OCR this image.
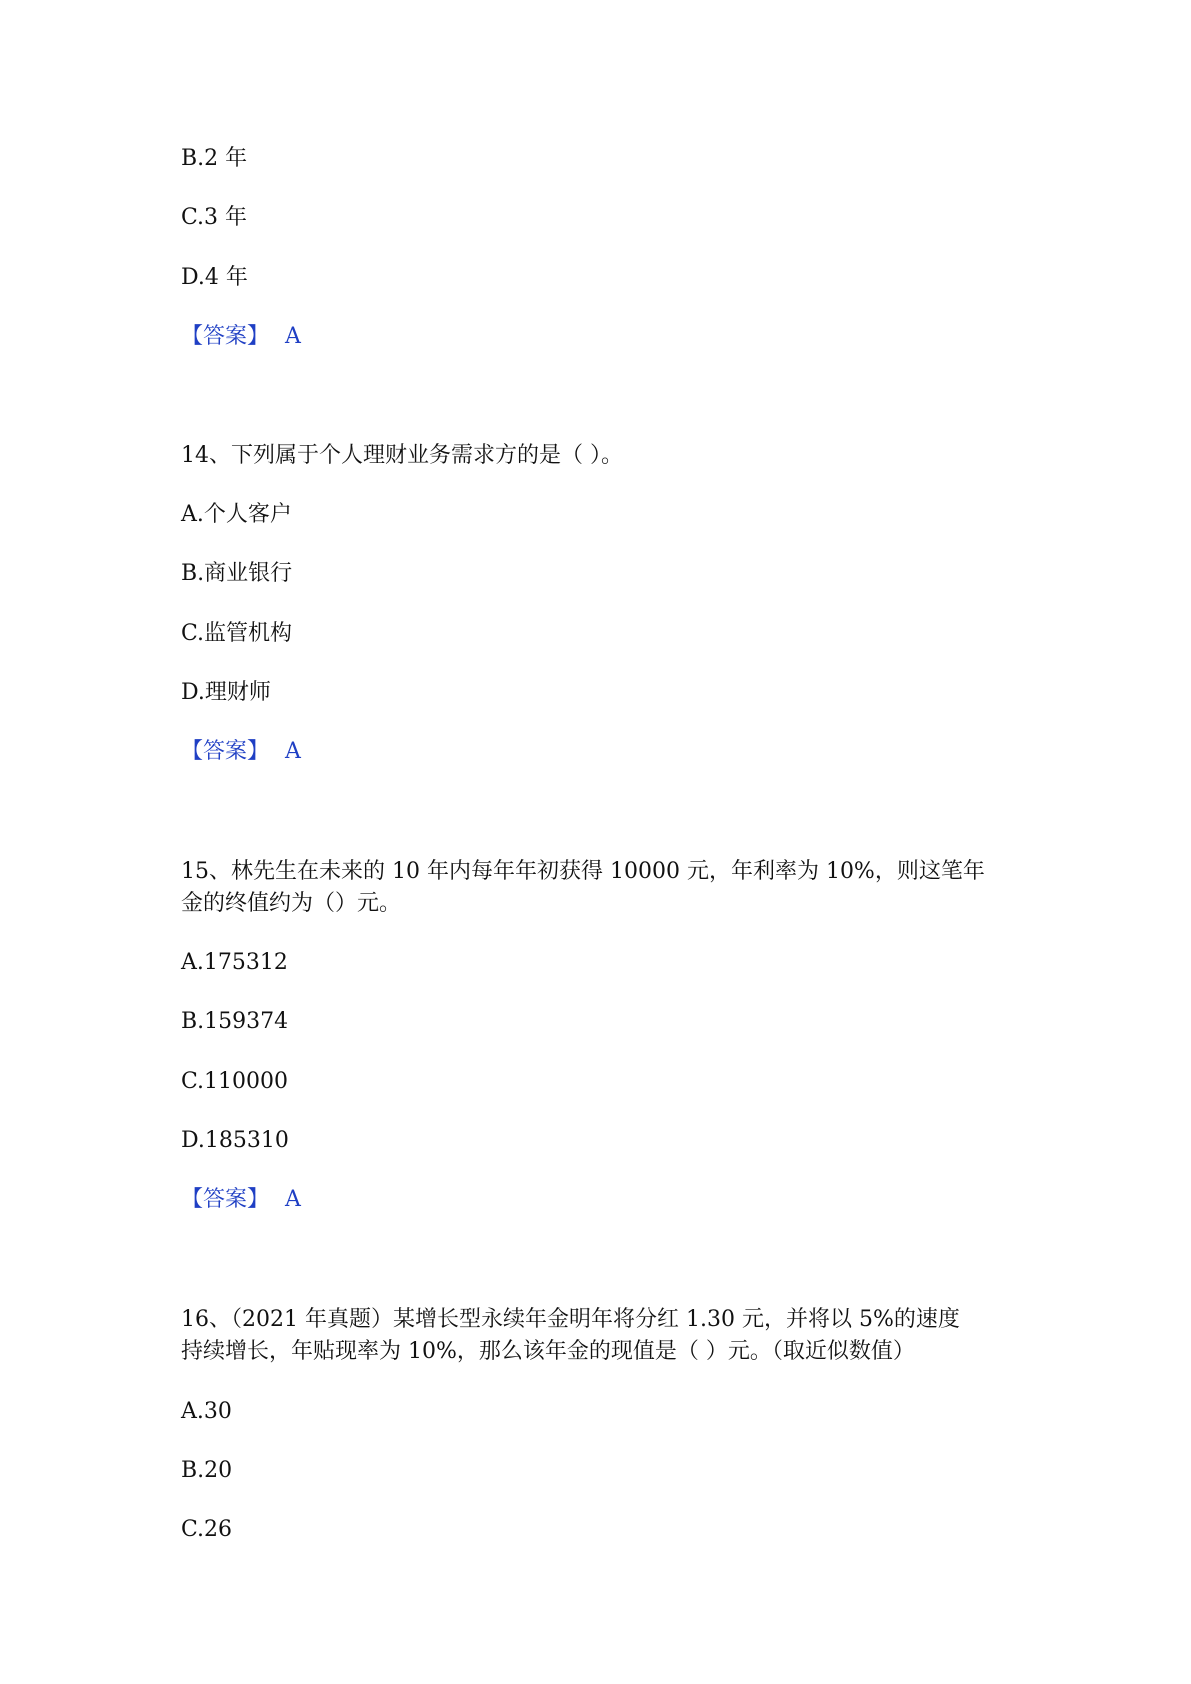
B.2 年
C.3 年
D.4 年
【答案】 A
14、下列属于个人理财业务需求方的是（ ）。
A.个人客户
B.商业银行
C.监管机构
D.理财师
【答案】 A
15、林先生在未来的 10 年内每年年初获得 10000 元，年利率为 10%，则这笔年
金的终值约为（）元。
A.175312
B.159374
C.110000
D.185310
【答案】 A
16、（2021 年真题）某增长型永续年金明年将分红 1.30 元，并将以 5%的速度
持续增长，年贴现率为 10%，那么该年金的现值是（ ）元。（取近似数值）
A.30
B.20
C.26
